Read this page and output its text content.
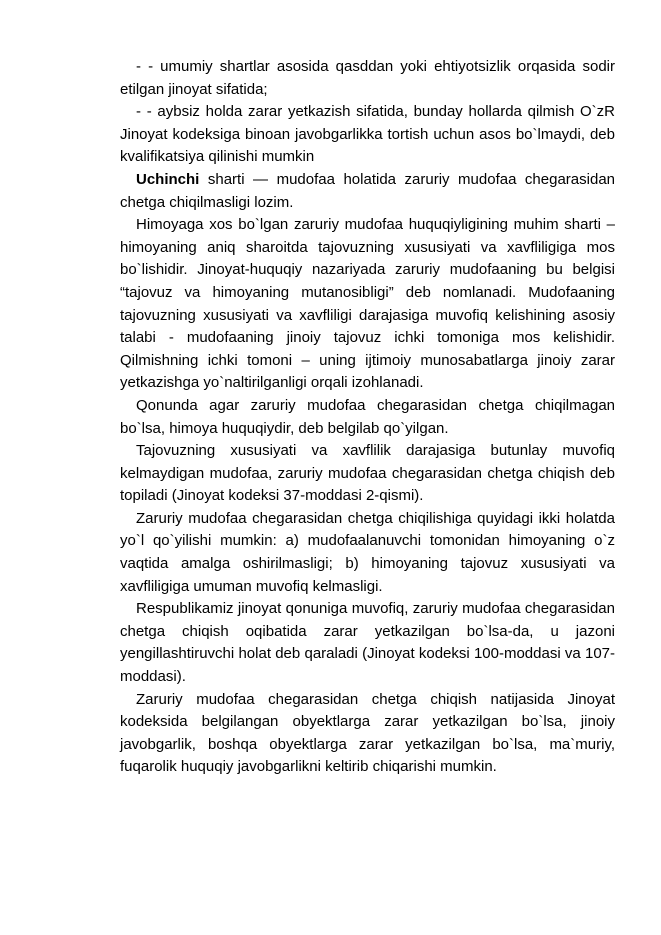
- - umumiy shartlar asosida qasddan yoki ehtiyotsizlik orqasida sodir etilgan jinoyat sifatida;

- - aybsiz holda zarar yetkazish sifatida, bunday hollarda qilmish O`zR Jinoyat kodeksiga binoan javobgarlikka tortish uchun asos bo`lmaydi, deb kvalifikatsiya qilinishi mumkin

Uchinchi sharti — mudofaa holatida zaruriy mudofaa chegarasidan chetga chiqilmasligi lozim.

Himoyaga xos bo`lgan zaruriy mudofaa huquqiyligining muhim sharti – himoyaning aniq sharoitda tajovuzning xususiyati va xavfliligiga mos bo`lishidir. Jinoyat-huquqiy nazariyada zaruriy mudofaaning bu belgisi “tajovuz va himoyaning mutanosibligi” deb nomlanadi. Mudofaaning tajovuzning xususiyati va xavfliligi darajasiga muvofiq kelishining asosiy talabi - mudofaaning jinoiy tajovuz ichki tomoniga mos kelishidir. Qilmishning ichki tomoni – uning ijtimoiy munosabatlarga jinoiy zarar yetkazishga yo`naltirilganligi orqali izohlanadi.

Qonunda agar zaruriy mudofaa chegarasidan chetga chiqilmagan bo`lsa, himoya huquqiydir, deb belgilab qo`yilgan.

Tajovuzning xususiyati va xavflilik darajasiga butunlay muvofiq kelmaydigan mudofaa, zaruriy mudofaa chegarasidan chetga chiqish deb topiladi (Jinoyat kodeksi 37-moddasi 2-qismi).

Zaruriy mudofaa chegarasidan chetga chiqilishiga quyidagi ikki holatda yo`l qo`yilishi mumkin: a) mudofaalanuvchi tomonidan himoyaning o`z vaqtida amalga oshirilmasligi; b) himoyaning tajovuz xususiyati va xavfliligiga umuman muvofiq kelmasligi.

Respublikamiz jinoyat qonuniga muvofiq, zaruriy mudofaa chegarasidan chetga chiqish oqibatida zarar yetkazilgan bo`lsa-da, u jazoni yengillashtiruvchi holat deb qaraladi (Jinoyat kodeksi 100-moddasi va 107-moddasi).

Zaruriy mudofaa chegarasidan chetga chiqish natijasida Jinoyat kodeksida belgilangan obyektlarga zarar yetkazilgan bo`lsa, jinoiy javobgarlik, boshqa obyektlarga zarar yetkazilgan bo`lsa, ma`muriy, fuqarolik huquqiy javobgarlikni keltirib chiqarishi mumkin.
